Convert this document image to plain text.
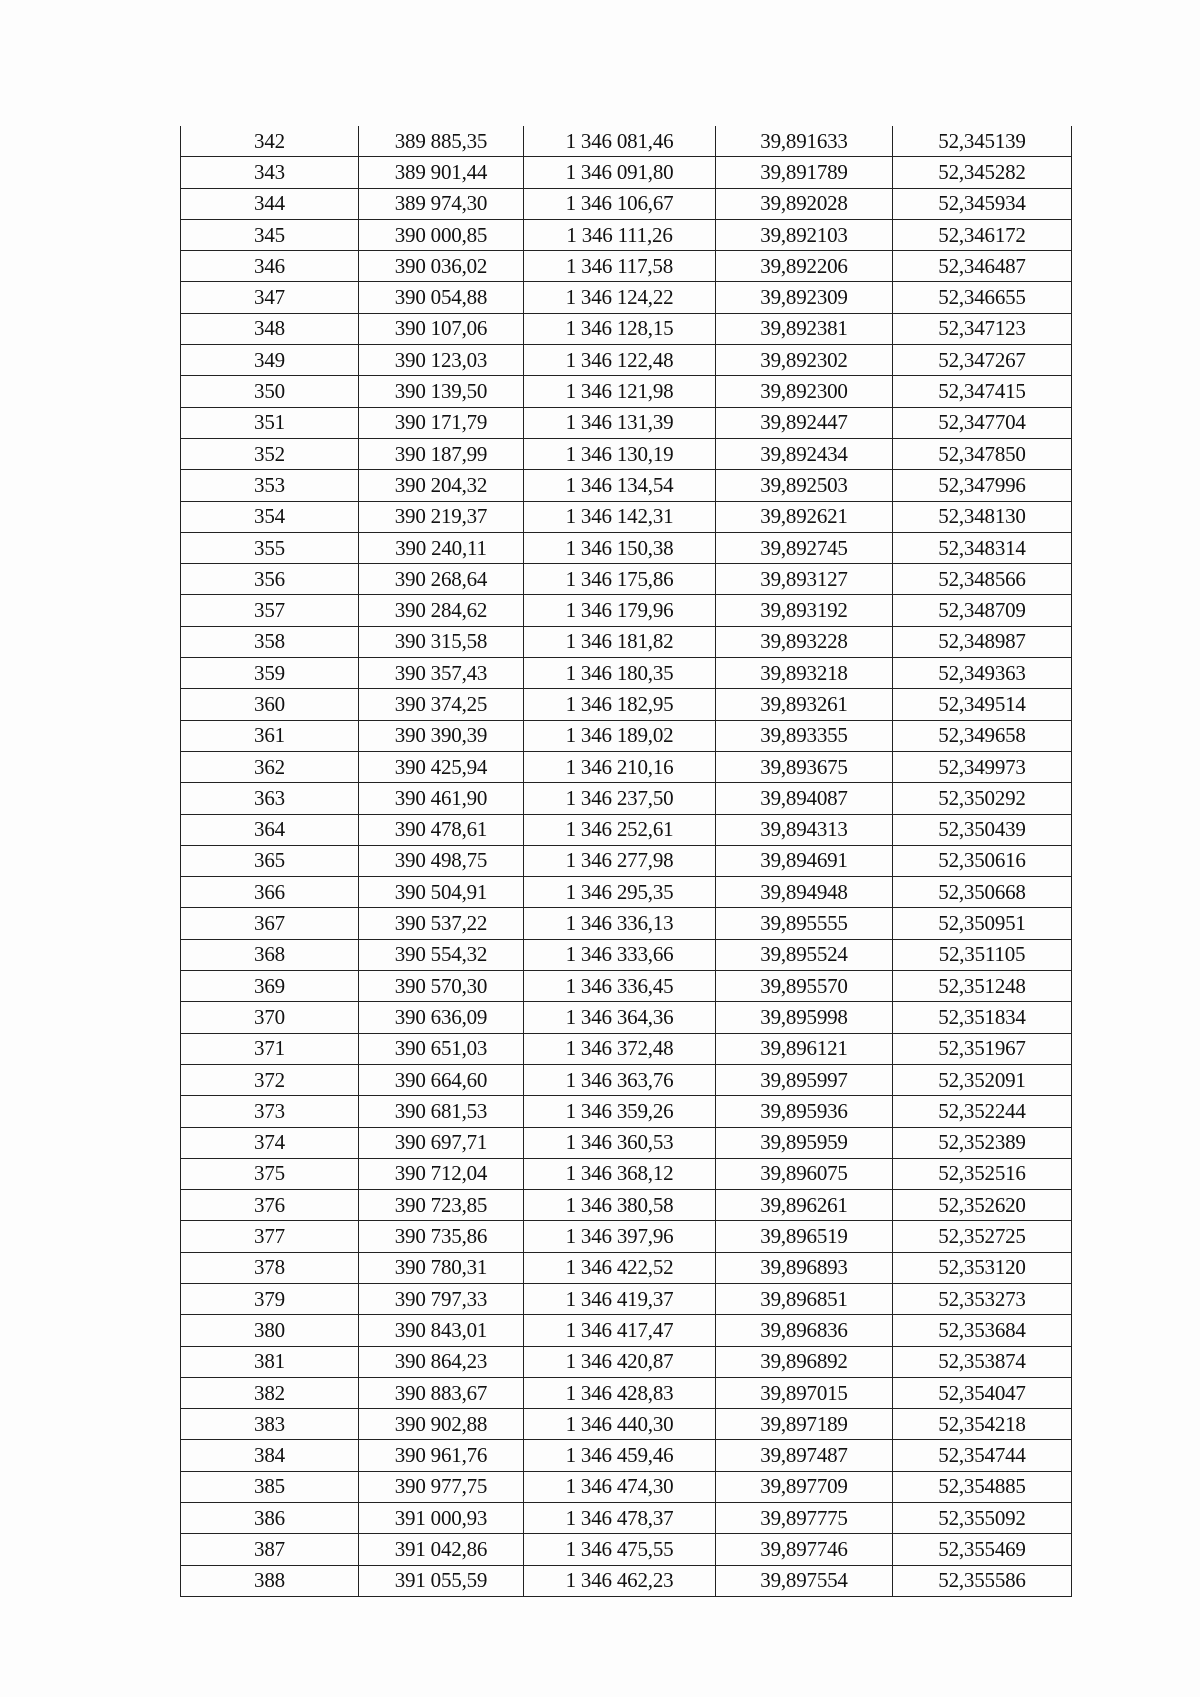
342	389 885,35	1 346 081,46	39,891633	52,345139
343	389 901,44	1 346 091,80	39,891789	52,345282
344	389 974,30	1 346 106,67	39,892028	52,345934
345	390 000,85	1 346 111,26	39,892103	52,346172
346	390 036,02	1 346 117,58	39,892206	52,346487
347	390 054,88	1 346 124,22	39,892309	52,346655
348	390 107,06	1 346 128,15	39,892381	52,347123
349	390 123,03	1 346 122,48	39,892302	52,347267
350	390 139,50	1 346 121,98	39,892300	52,347415
351	390 171,79	1 346 131,39	39,892447	52,347704
352	390 187,99	1 346 130,19	39,892434	52,347850
353	390 204,32	1 346 134,54	39,892503	52,347996
354	390 219,37	1 346 142,31	39,892621	52,348130
355	390 240,11	1 346 150,38	39,892745	52,348314
356	390 268,64	1 346 175,86	39,893127	52,348566
357	390 284,62	1 346 179,96	39,893192	52,348709
358	390 315,58	1 346 181,82	39,893228	52,348987
359	390 357,43	1 346 180,35	39,893218	52,349363
360	390 374,25	1 346 182,95	39,893261	52,349514
361	390 390,39	1 346 189,02	39,893355	52,349658
362	390 425,94	1 346 210,16	39,893675	52,349973
363	390 461,90	1 346 237,50	39,894087	52,350292
364	390 478,61	1 346 252,61	39,894313	52,350439
365	390 498,75	1 346 277,98	39,894691	52,350616
366	390 504,91	1 346 295,35	39,894948	52,350668
367	390 537,22	1 346 336,13	39,895555	52,350951
368	390 554,32	1 346 333,66	39,895524	52,351105
369	390 570,30	1 346 336,45	39,895570	52,351248
370	390 636,09	1 346 364,36	39,895998	52,351834
371	390 651,03	1 346 372,48	39,896121	52,351967
372	390 664,60	1 346 363,76	39,895997	52,352091
373	390 681,53	1 346 359,26	39,895936	52,352244
374	390 697,71	1 346 360,53	39,895959	52,352389
375	390 712,04	1 346 368,12	39,896075	52,352516
376	390 723,85	1 346 380,58	39,896261	52,352620
377	390 735,86	1 346 397,96	39,896519	52,352725
378	390 780,31	1 346 422,52	39,896893	52,353120
379	390 797,33	1 346 419,37	39,896851	52,353273
380	390 843,01	1 346 417,47	39,896836	52,353684
381	390 864,23	1 346 420,87	39,896892	52,353874
382	390 883,67	1 346 428,83	39,897015	52,354047
383	390 902,88	1 346 440,30	39,897189	52,354218
384	390 961,76	1 346 459,46	39,897487	52,354744
385	390 977,75	1 346 474,30	39,897709	52,354885
386	391 000,93	1 346 478,37	39,897775	52,355092
387	391 042,86	1 346 475,55	39,897746	52,355469
388	391 055,59	1 346 462,23	39,897554	52,355586
